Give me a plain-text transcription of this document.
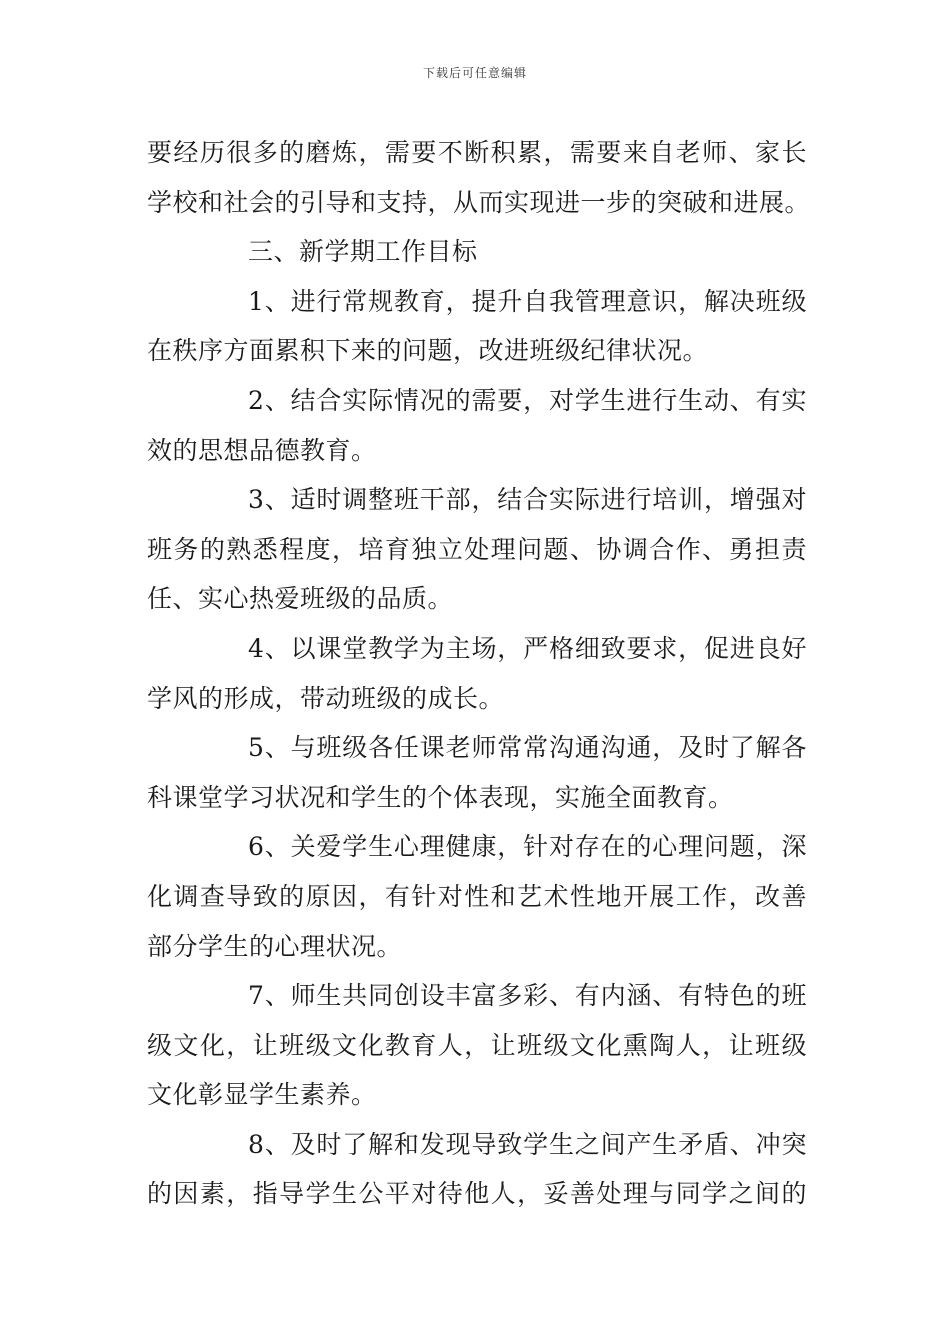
下载后可任意编辑
要经历很多的磨炼，需要不断积累，需要来自老师、家长
学校和社会的引导和支持，从而实现进一步的突破和进展。
三、新学期工作目标
1、进行常规教育，提升自我管理意识，解决班级
在秩序方面累积下来的问题，改进班级纪律状况。
2、结合实际情况的需要，对学生进行生动、有实
效的思想品德教育。
3、适时调整班干部，结合实际进行培训，增强对
班务的熟悉程度，培育独立处理问题、协调合作、勇担责
任、实心热爱班级的品质。
4、以课堂教学为主场，严格细致要求，促进良好
学风的形成，带动班级的成长。
5、与班级各任课老师常常沟通沟通，及时了解各
科课堂学习状况和学生的个体表现，实施全面教育。
6、关爱学生心理健康，针对存在的心理问题，深
化调查导致的原因，有针对性和艺术性地开展工作，改善
部分学生的心理状况。
7、师生共同创设丰富多彩、有内涵、有特色的班
级文化，让班级文化教育人，让班级文化熏陶人，让班级
文化彰显学生素养。
8、及时了解和发现导致学生之间产生矛盾、冲突
的因素，指导学生公平对待他人，妥善处理与同学之间的
